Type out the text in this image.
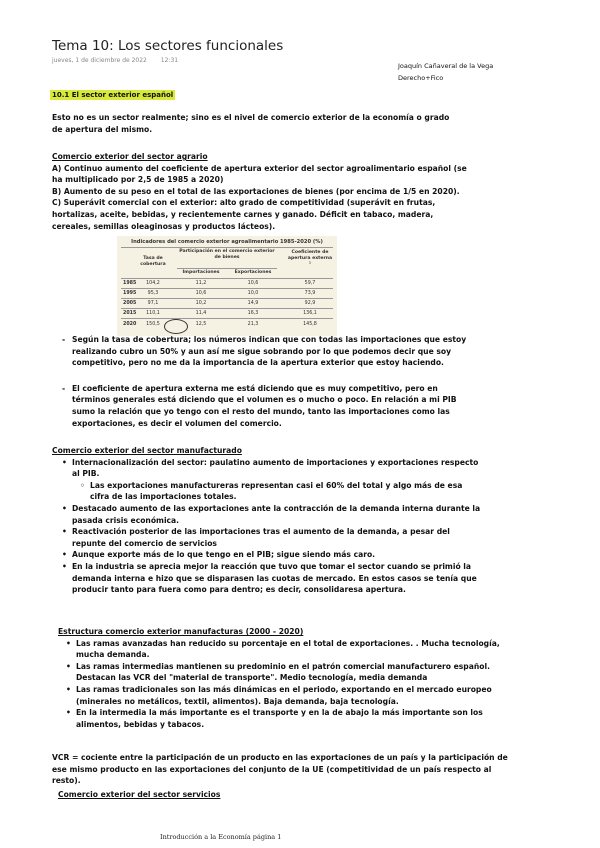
Tema 10: Los sectores funcionales
jueves, 1 de diciembre de 2022 12:31
Joaquín Cañaveral de la Vega
Derecho+Fico
10.1 El sector exterior español
Esto no es un sector realmente; sino es el nivel de comercio exterior de la economía o grado de apertura del mismo.
Comercio exterior del sector agrario
A) Continuo aumento del coeficiente de apertura exterior del sector agroalimentario español (se ha multiplicado por 2,5 de 1985 a 2020)
B) Aumento de su peso en el total de las exportaciones de bienes (por encima de 1/5 en 2020).
C) Superávit comercial con el exterior: alto grado de competitividad (superávit en frutas, hortalizas, aceite, bebidas, y recientemente carnes y ganado. Déficit en tabaco, madera, cereales, semillas oleaginosas y productos lácteos).
Indicadores del comercio exterior agroalimentario 1985-2020 (%)
Tasa de cobertura
Participación en el comercio exterior de bienes
Coeficiente de apertura externa ¹
Importaciones	Exportaciones
1985	104,2	11,2	10,6	59,7
1995	95,3	10,6	10,0	73,9
2005	97,1	10,2	14,9	92,9
2015	110,1	11,4	16,3	136,1
2020	150,5	12,5	21,3	145,8
- Según la tasa de cobertura; los números indican que con todas las importaciones que estoy realizando cubro un 50% y aun así me sigue sobrando por lo que podemos decir que soy competitivo, pero no me da la importancia de la apertura exterior que estoy haciendo.
- El coeficiente de apertura externa me está diciendo que es muy competitivo, pero en términos generales está diciendo que el volumen es o mucho o poco. En relación a mi PIB sumo la relación que yo tengo con el resto del mundo, tanto las importaciones como las exportaciones, es decir el volumen del comercio.
Comercio exterior del sector manufacturado
• Internacionalización del sector: paulatino aumento de importaciones y exportaciones respecto al PIB.
◦ Las exportaciones manufactureras representan casi el 60% del total y algo más de esa cifra de las importaciones totales.
• Destacado aumento de las exportaciones ante la contracción de la demanda interna durante la pasada crisis económica.
• Reactivación posterior de las importaciones tras el aumento de la demanda, a pesar del repunte del comercio de servicios
• Aunque exporte más de lo que tengo en el PIB; sigue siendo más caro.
• En la industria se aprecia mejor la reacción que tuvo que tomar el sector cuando se primió la demanda interna e hizo que se disparasen las cuotas de mercado. En estos casos se tenía que producir tanto para fuera como para dentro; es decir, consolidaresa apertura.
Estructura comercio exterior manufacturas (2000 - 2020)
• Las ramas avanzadas han reducido su porcentaje en el total de exportaciones. . Mucha tecnología, mucha demanda.
• Las ramas intermedias mantienen su predominio en el patrón comercial manufacturero español. Destacan las VCR del "material de transporte". Medio tecnología, media demanda
• Las ramas tradicionales son las más dinámicas en el periodo, exportando en el mercado europeo (minerales no metálicos, textil, alimentos). Baja demanda, baja tecnología.
• En la intermedia la más importante es el transporte y en la de abajo la más importante son los alimentos, bebidas y tabacos.
VCR = cociente entre la participación de un producto en las exportaciones de un país y la participación de ese mismo producto en las exportaciones del conjunto de la UE (competitividad de un país respecto al resto).
Comercio exterior del sector servicios
Introducción a la Economía página 1
